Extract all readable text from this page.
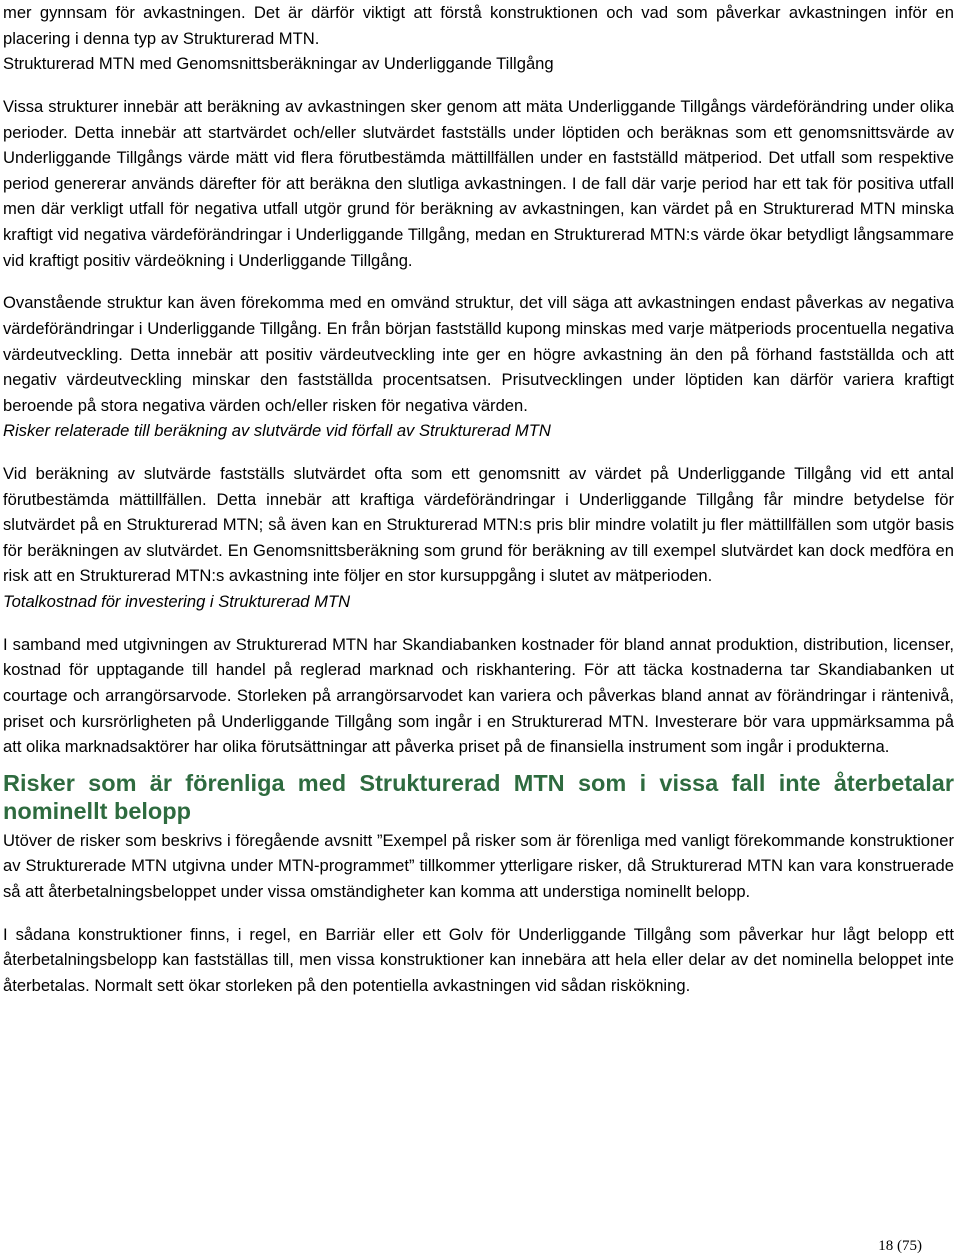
mer gynnsam för avkastningen. Det är därför viktigt att förstå konstruktionen och vad som påverkar avkastningen inför en placering i denna typ av Strukturerad MTN.

Strukturerad MTN med Genomsnittsberäkningar av Underliggande Tillgång

Vissa strukturer innebär att beräkning av avkastningen sker genom att mäta Underliggande Tillgångs värdeförändring under olika perioder. Detta innebär att startvärdet och/eller slutvärdet fastställs under löptiden och beräknas som ett genomsnittsvärde av Underliggande Tillgångs värde mätt vid flera förutbestämda mättillfällen under en fastställd mätperiod. Det utfall som respektive period genererar används därefter för att beräkna den slutliga avkastningen. I de fall där varje period har ett tak för positiva utfall men där verkligt utfall för negativa utfall utgör grund för beräkning av avkastningen, kan värdet på en Strukturerad MTN minska kraftigt vid negativa värdeförändringar i Underliggande Tillgång, medan en Strukturerad MTN:s värde ökar betydligt långsammare vid kraftigt positiv värdeökning i Underliggande Tillgång.

Ovanstående struktur kan även förekomma med en omvänd struktur, det vill säga att avkastningen endast påverkas av negativa värdeförändringar i Underliggande Tillgång. En från början fastställd kupong minskas med varje mätperiods procentuella negativa värdeutveckling. Detta innebär att positiv värdeutveckling inte ger en högre avkastning än den på förhand fastställda och att negativ värdeutveckling minskar den fastställda procentsatsen. Prisutvecklingen under löptiden kan därför variera kraftigt beroende på stora negativa värden och/eller risken för negativa värden.

Risker relaterade till beräkning av slutvärde vid förfall av Strukturerad MTN

Vid beräkning av slutvärde fastställs slutvärdet ofta som ett genomsnitt av värdet på Underliggande Tillgång vid ett antal förutbestämda mättillfällen. Detta innebär att kraftiga värdeförändringar i Underliggande Tillgång får mindre betydelse för slutvärdet på en Strukturerad MTN; så även kan en Strukturerad MTN:s pris blir mindre volatilt ju fler mättillfällen som utgör basis för beräkningen av slutvärdet. En Genomsnittsberäkning som grund för beräkning av till exempel slutvärdet kan dock medföra en risk att en Strukturerad MTN:s avkastning inte följer en stor kursuppgång i slutet av mätperioden.

Totalkostnad för investering i Strukturerad MTN

I samband med utgivningen av Strukturerad MTN har Skandiabanken kostnader för bland annat produktion, distribution, licenser, kostnad för upptagande till handel på reglerad marknad och riskhantering. För att täcka kostnaderna tar Skandiabanken ut courtage och arrangörsarvode. Storleken på arrangörsarvodet kan variera och påverkas bland annat av förändringar i räntenivå, priset och kursrörligheten på Underliggande Tillgång som ingår i en Strukturerad MTN. Investerare bör vara uppmärksamma på att olika marknadsaktörer har olika förutsättningar att påverka priset på de finansiella instrument som ingår i produkterna.

Risker som är förenliga med Strukturerad MTN som i vissa fall inte återbetalar nominellt belopp

Utöver de risker som beskrivs i föregående avsnitt ”Exempel på risker som är förenliga med vanligt förekommande konstruktioner av Strukturerade MTN utgivna under MTN-programmet” tillkommer ytterligare risker, då Strukturerad MTN kan vara konstruerade så att återbetalningsbeloppet under vissa omständigheter kan komma att understiga nominellt belopp.

I sådana konstruktioner finns, i regel, en Barriär eller ett Golv för Underliggande Tillgång som påverkar hur lågt belopp ett återbetalningsbelopp kan fastställas till, men vissa konstruktioner kan innebära att hela eller delar av det nominella beloppet inte återbetalas. Normalt sett ökar storleken på den potentiella avkastningen vid sådan riskökning.

18 (75)
